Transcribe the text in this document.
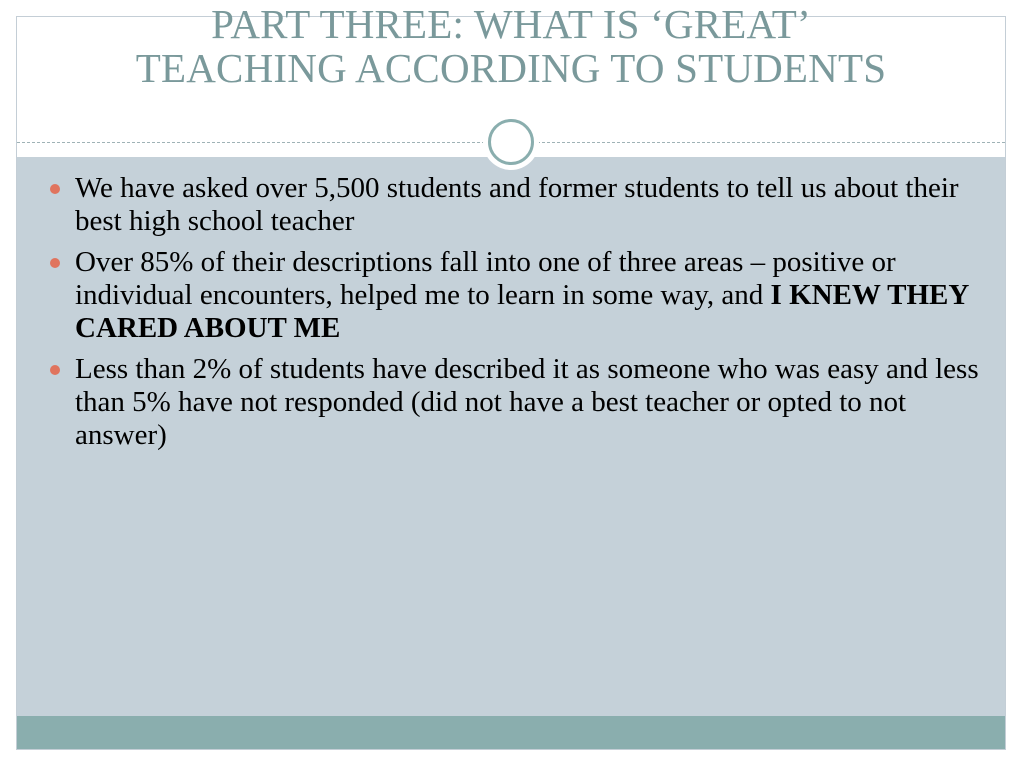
PART THREE: WHAT IS ‘GREAT’
TEACHING ACCORDING TO STUDENTS
We have asked over 5,500 students and former students to tell us about their best high school teacher
Over 85% of their descriptions fall into one of three areas – positive or individual encounters, helped me to learn in some way, and I KNEW THEY CARED ABOUT ME
Less than 2% of students have described it as someone who was easy and less than 5% have not responded (did not have a best teacher or opted to not answer)
